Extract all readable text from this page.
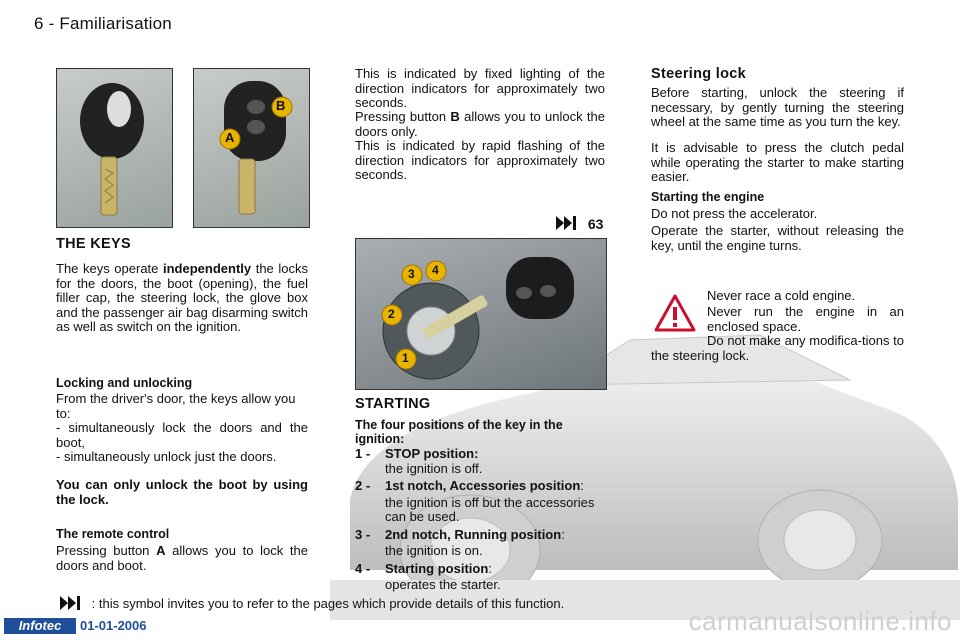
6 - Familiarisation
B
A
THE KEYS
The keys operate independently the locks for the doors, the boot (opening), the fuel filler cap, the steering lock, the glove box and the passenger air bag disarming switch as well as switch on the ignition.
Locking and unlocking
From the driver's door, the keys allow you to:
- simultaneously lock the doors and the boot,
- simultaneously unlock just the doors.
You can only unlock the boot by using the lock.
The remote control
Pressing button A allows you to lock the doors and boot.
This is indicated by fixed lighting of the direction indicators for approximately two seconds.
Pressing button B allows you to unlock the doors only.
This is indicated by rapid flashing of the direction indicators for approximately two seconds.
63
1
2
3 4
STARTING
The four positions of the key in the ignition:
1 - STOP position:
the ignition is off.
2 - 1st notch, Accessories position:
the ignition is off but the accessories can be used.
3 - 2nd notch, Running position:
the ignition is on.
4 - Starting position:
operates the starter.
Steering lock
Before starting, unlock the steering if necessary, by gently turning the steering wheel at the same time as you turn the key.
It is advisable to press the clutch pedal while operating the starter to make starting easier.
Starting the engine
Do not press the accelerator.
Operate the starter, without releasing the key, until the engine turns.
Never race a cold engine.
Never run the engine in an enclosed space.
Do not make any modifica-tions to the steering lock.
: this symbol invites you to refer to the pages which provide details of this function.
Infotec	01-01-2006	carmanualsonline.info
